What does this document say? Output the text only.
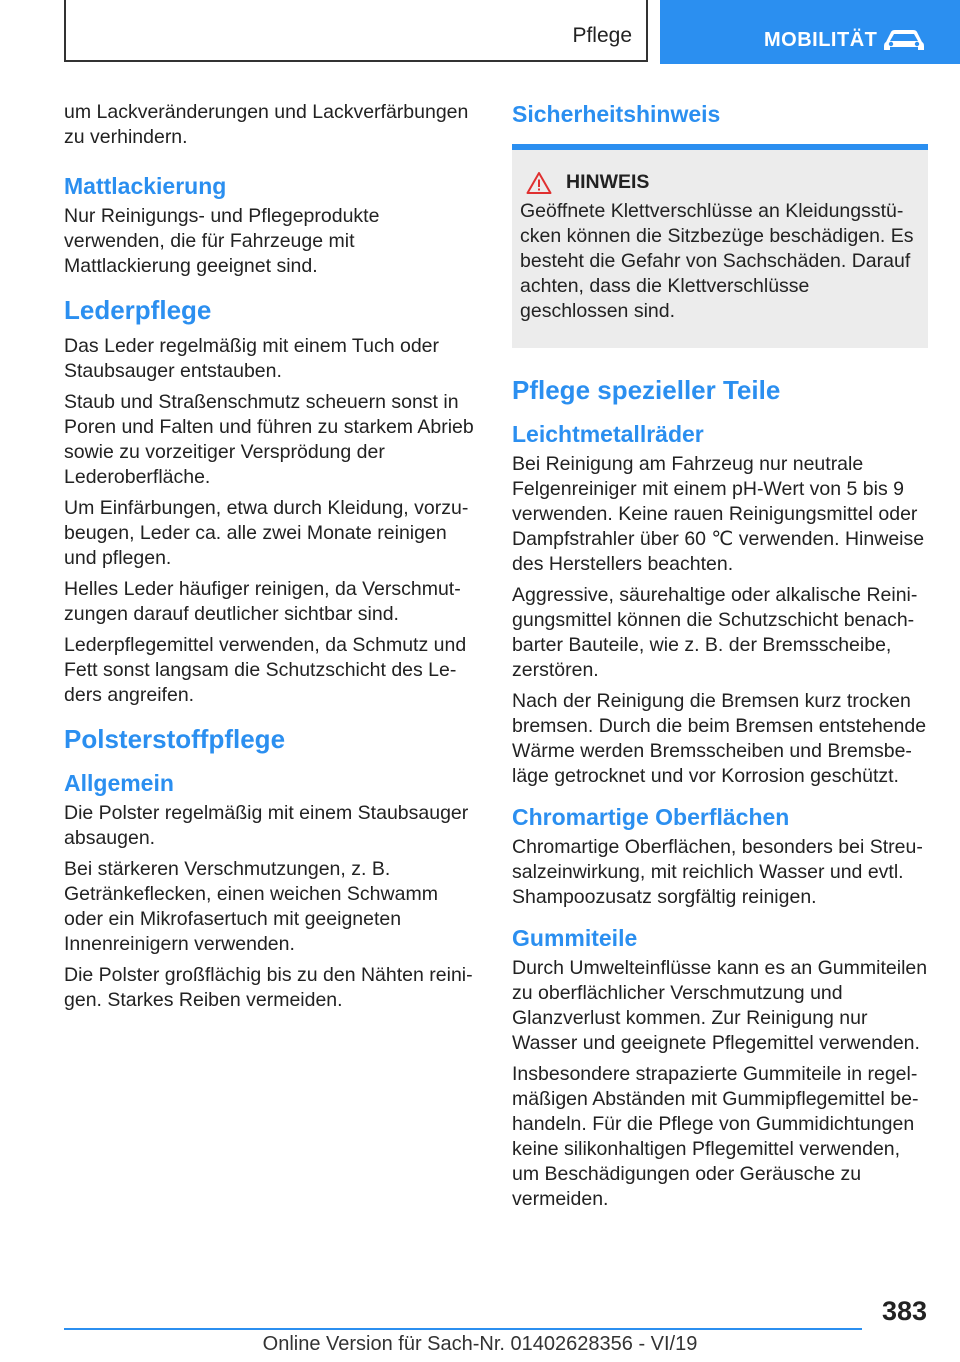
Pflege	MOBILITÄT

um Lackveränderungen und Lackverfärbungen zu verhindern.

Mattlackierung

Nur Reinigungs- und Pflegeprodukte verwenden, die für Fahrzeuge mit Mattlackierung geeignet sind.

Lederpflege

Das Leder regelmäßig mit einem Tuch oder Staubsauger entstauben.

Staub und Straßenschmutz scheuern sonst in Poren und Falten und führen zu starkem Abrieb sowie zu vorzeitiger Versprödung der Lederoberfläche.

Um Einfärbungen, etwa durch Kleidung, vorzubeugen, Leder ca. alle zwei Monate reinigen und pflegen.

Helles Leder häufiger reinigen, da Verschmutzungen darauf deutlicher sichtbar sind.

Lederpflegemittel verwenden, da Schmutz und Fett sonst langsam die Schutzschicht des Leders angreifen.

Polsterstoffpflege
Allgemein

Die Polster regelmäßig mit einem Staubsauger absaugen.

Bei stärkeren Verschmutzungen, z. B. Getränkeflecken, einen weichen Schwamm oder ein Mikrofasertuch mit geeigneten Innenreinigern verwenden.

Die Polster großflächig bis zu den Nähten reinigen. Starkes Reiben vermeiden.

Sicherheitshinweis
HINWEIS

Geöffnete Klettverschlüsse an Kleidungsstücken können die Sitzbezüge beschädigen. Es besteht die Gefahr von Sachschäden. Darauf achten, dass die Klettverschlüsse geschlossen sind.

Pflege spezieller Teile
Leichtmetallräder

Bei Reinigung am Fahrzeug nur neutrale Felgenreiniger mit einem pH-Wert von 5 bis 9 verwenden. Keine rauen Reinigungsmittel oder Dampfstrahler über 60 ℃ verwenden. Hinweise des Herstellers beachten.

Aggressive, säurehaltige oder alkalische Reinigungsmittel können die Schutzschicht benachbarter Bauteile, wie z. B. der Bremsscheibe, zerstören.

Nach der Reinigung die Bremsen kurz trocken bremsen. Durch die beim Bremsen entstehende Wärme werden Bremsscheiben und Bremsbeläge getrocknet und vor Korrosion geschützt.

Chromartige Oberflächen

Chromartige Oberflächen, besonders bei Streusalzeinwirkung, mit reichlich Wasser und evtl. Shampoozusatz sorgfältig reinigen.

Gummiteile

Durch Umwelteinflüsse kann es an Gummiteilen zu oberflächlicher Verschmutzung und Glanzverlust kommen. Zur Reinigung nur Wasser und geeignete Pflegemittel verwenden.

Insbesondere strapazierte Gummiteile in regelmäßigen Abständen mit Gummipflegemittel behandeln. Für die Pflege von Gummidichtungen keine silikonhaltigen Pflegemittel verwenden, um Beschädigungen oder Geräusche zu vermeiden.

383
Online Version für Sach-Nr. 01402628356 - VI/19
